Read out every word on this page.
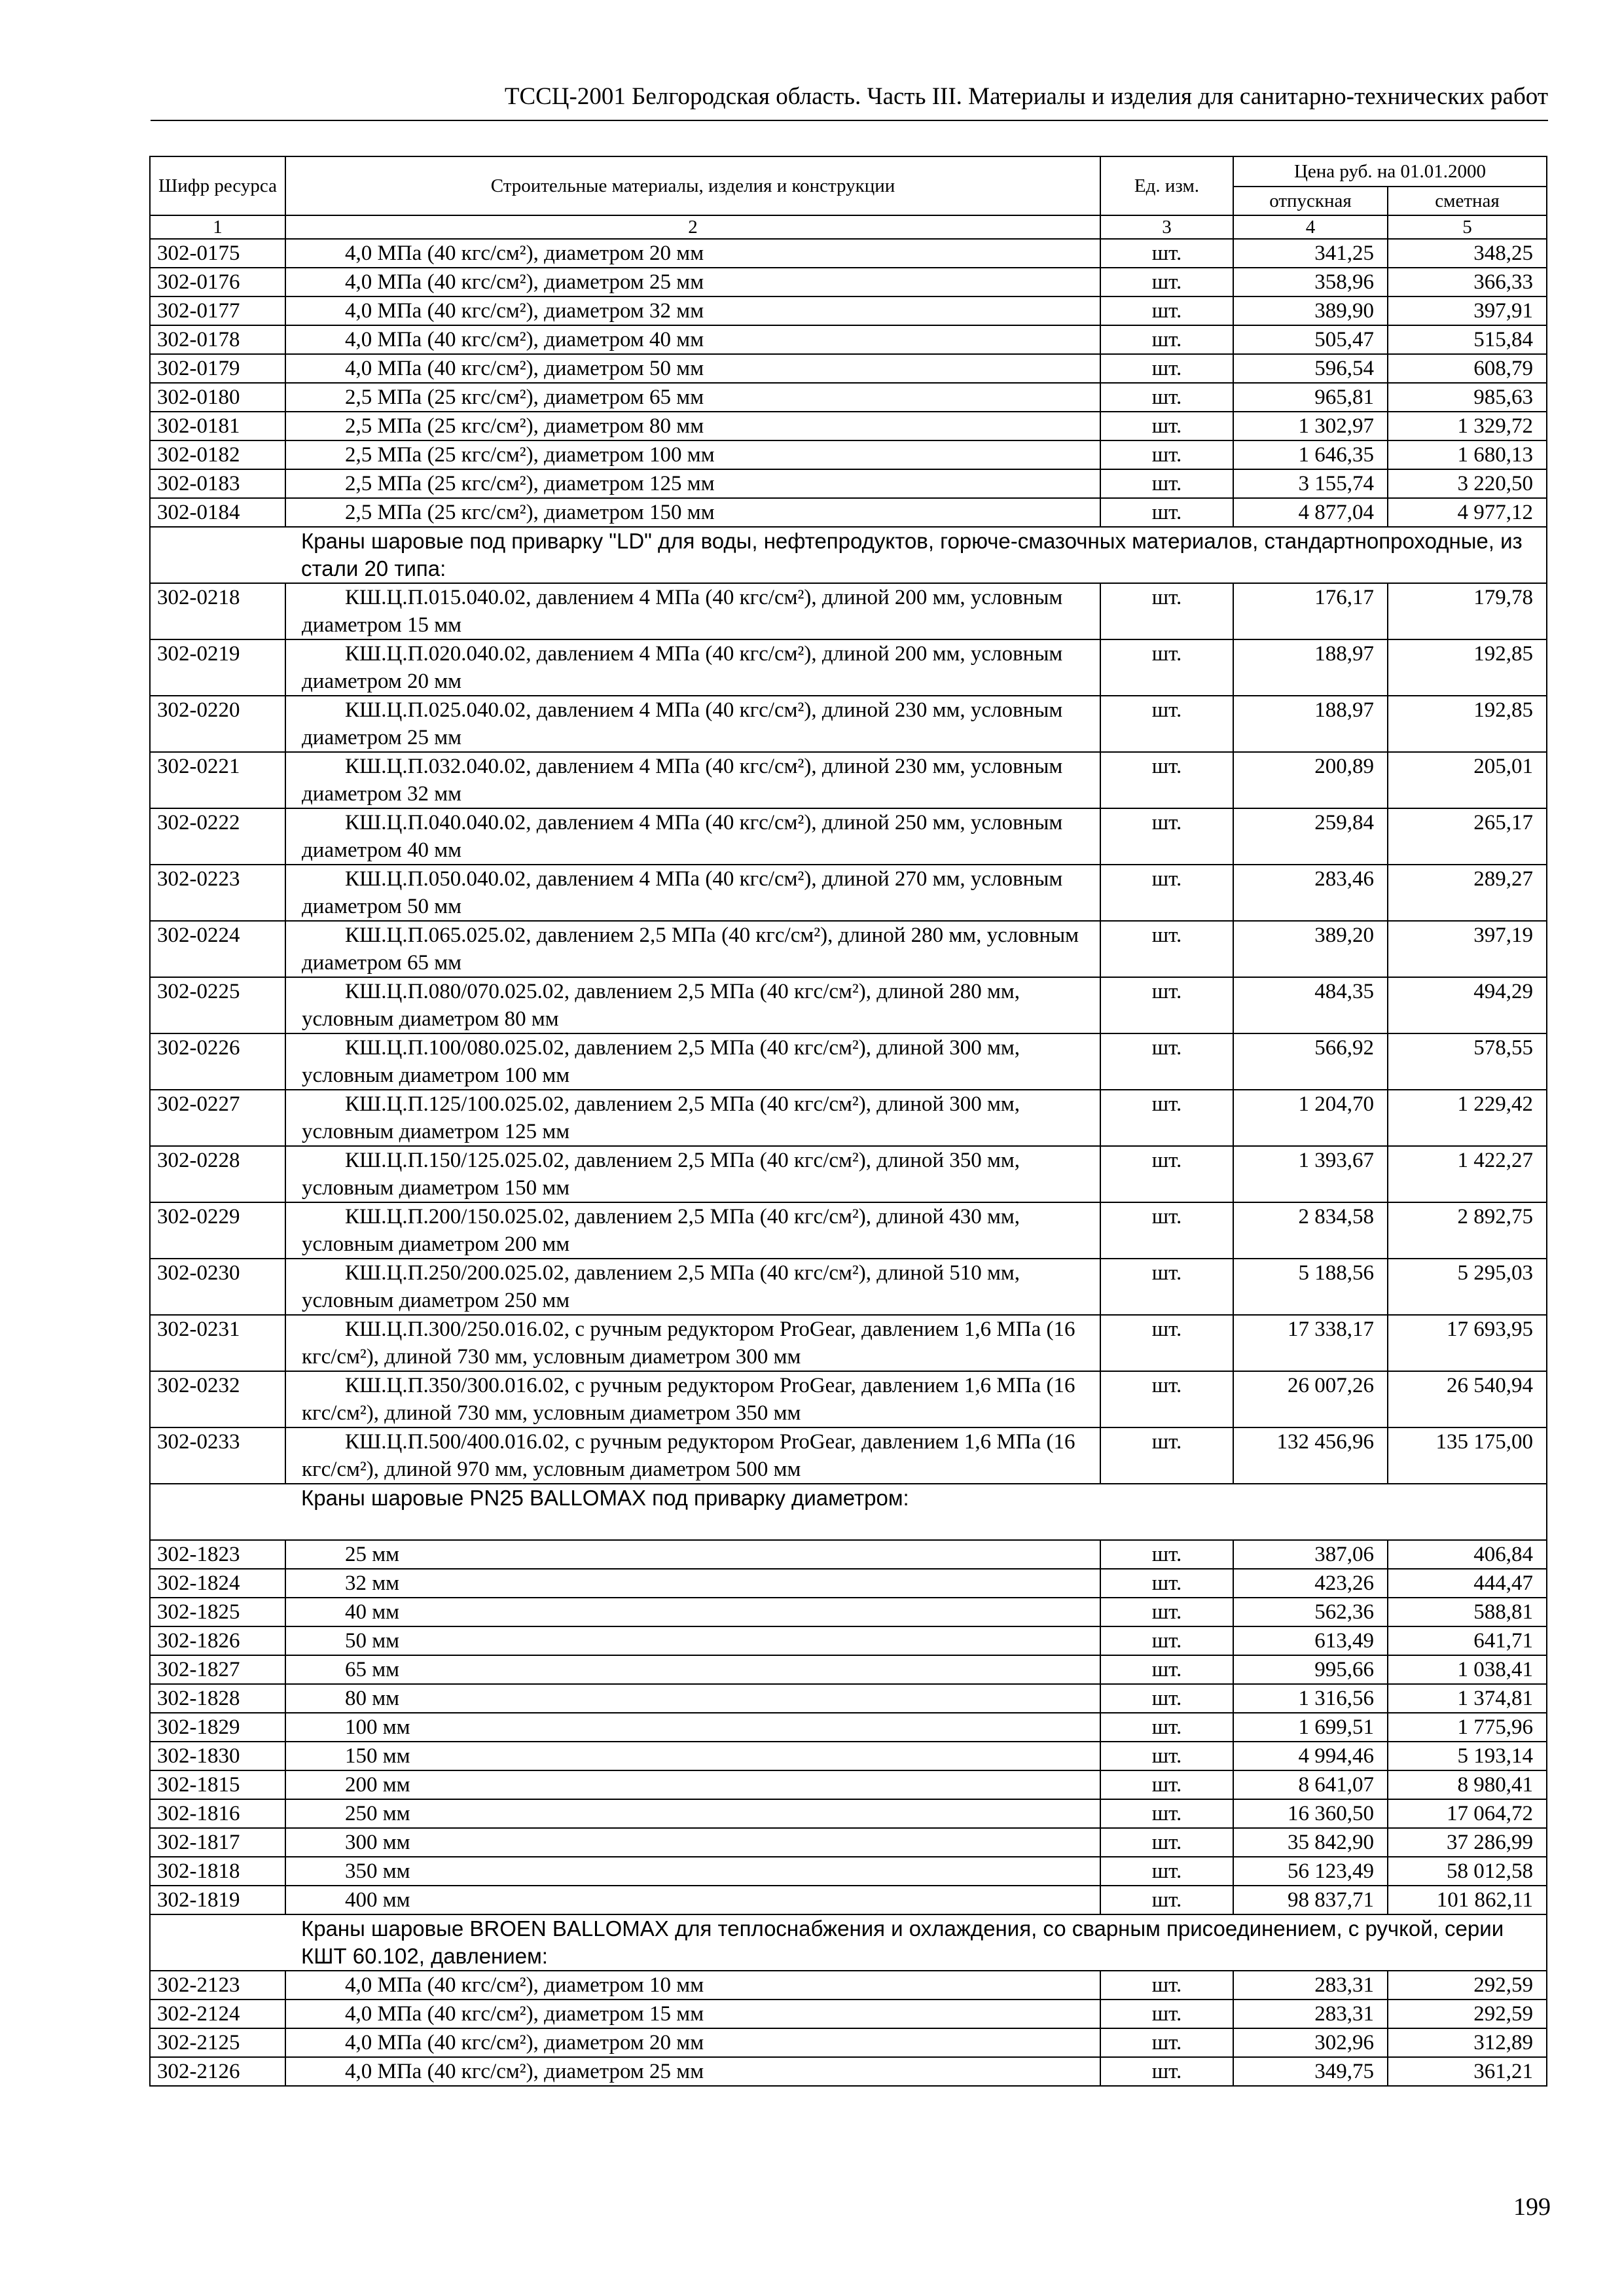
ТССЦ-2001 Белгородская область. Часть III. Материалы и изделия для санитарно-технических работ
Шифр ресурса	Строительные материалы, изделия и конструкции	Ед. изм.	Цена руб. на 01.01.2000	
			отпускная	сметная
1	2	3	4	5
302-0175	4,0 МПа (40 кгс/см²), диаметром 20 мм	шт.	341,25	348,25
302-0176	4,0 МПа (40 кгс/см²), диаметром 25 мм	шт.	358,96	366,33
302-0177	4,0 МПа (40 кгс/см²), диаметром 32 мм	шт.	389,90	397,91
302-0178	4,0 МПа (40 кгс/см²), диаметром 40 мм	шт.	505,47	515,84
302-0179	4,0 МПа (40 кгс/см²), диаметром 50 мм	шт.	596,54	608,79
302-0180	2,5 МПа (25 кгс/см²), диаметром 65 мм	шт.	965,81	985,63
302-0181	2,5 МПа (25 кгс/см²), диаметром 80 мм	шт.	1 302,97	1 329,72
302-0182	2,5 МПа (25 кгс/см²), диаметром 100 мм	шт.	1 646,35	1 680,13
302-0183	2,5 МПа (25 кгс/см²), диаметром 125 мм	шт.	3 155,74	3 220,50
302-0184	2,5 МПа (25 кгс/см²), диаметром 150 мм	шт.	4 877,04	4 977,12
Краны шаровые под приварку "LD" для воды, нефтепродуктов, горюче-смазочных материалов, стандартнопроходные, из стали 20 типа:				
302-0218	КШ.Ц.П.015.040.02, давлением 4 МПа (40 кгс/см²), длиной 200 мм, условным диаметром 15 мм	шт.	176,17	179,78
302-0219	КШ.Ц.П.020.040.02, давлением 4 МПа (40 кгс/см²), длиной 200 мм, условным диаметром 20 мм	шт.	188,97	192,85
302-0220	КШ.Ц.П.025.040.02, давлением 4 МПа (40 кгс/см²), длиной 230 мм, условным диаметром 25 мм	шт.	188,97	192,85
302-0221	КШ.Ц.П.032.040.02, давлением 4 МПа (40 кгс/см²), длиной 230 мм, условным диаметром 32 мм	шт.	200,89	205,01
302-0222	КШ.Ц.П.040.040.02, давлением 4 МПа (40 кгс/см²), длиной 250 мм, условным диаметром 40 мм	шт.	259,84	265,17
302-0223	КШ.Ц.П.050.040.02, давлением 4 МПа (40 кгс/см²), длиной 270 мм, условным диаметром 50 мм	шт.	283,46	289,27
302-0224	КШ.Ц.П.065.025.02, давлением 2,5 МПа (40 кгс/см²), длиной 280 мм, условным диаметром 65 мм	шт.	389,20	397,19
302-0225	КШ.Ц.П.080/070.025.02, давлением 2,5 МПа (40 кгс/см²), длиной 280 мм, условным диаметром 80 мм	шт.	484,35	494,29
302-0226	КШ.Ц.П.100/080.025.02, давлением 2,5 МПа (40 кгс/см²), длиной 300 мм, условным диаметром 100 мм	шт.	566,92	578,55
302-0227	КШ.Ц.П.125/100.025.02, давлением 2,5 МПа (40 кгс/см²), длиной 300 мм, условным диаметром 125 мм	шт.	1 204,70	1 229,42
302-0228	КШ.Ц.П.150/125.025.02, давлением 2,5 МПа (40 кгс/см²), длиной 350 мм, условным диаметром 150 мм	шт.	1 393,67	1 422,27
302-0229	КШ.Ц.П.200/150.025.02, давлением 2,5 МПа (40 кгс/см²), длиной 430 мм, условным диаметром 200 мм	шт.	2 834,58	2 892,75
302-0230	КШ.Ц.П.250/200.025.02, давлением 2,5 МПа (40 кгс/см²), длиной 510 мм, условным диаметром 250 мм	шт.	5 188,56	5 295,03
302-0231	КШ.Ц.П.300/250.016.02, с ручным редуктором ProGear, давлением 1,6 МПа (16 кгс/см²), длиной 730 мм, условным диаметром 300 мм	шт.	17 338,17	17 693,95
302-0232	КШ.Ц.П.350/300.016.02, с ручным редуктором ProGear, давлением 1,6 МПа (16 кгс/см²), длиной 730 мм, условным диаметром 350 мм	шт.	26 007,26	26 540,94
302-0233	КШ.Ц.П.500/400.016.02, с ручным редуктором ProGear, давлением 1,6 МПа (16 кгс/см²), длиной 970 мм, условным диаметром 500 мм	шт.	132 456,96	135 175,00
Краны шаровые PN25 BALLOMAX под приварку диаметром:				
302-1823	25 мм	шт.	387,06	406,84
302-1824	32 мм	шт.	423,26	444,47
302-1825	40 мм	шт.	562,36	588,81
302-1826	50 мм	шт.	613,49	641,71
302-1827	65 мм	шт.	995,66	1 038,41
302-1828	80 мм	шт.	1 316,56	1 374,81
302-1829	100 мм	шт.	1 699,51	1 775,96
302-1830	150 мм	шт.	4 994,46	5 193,14
302-1815	200 мм	шт.	8 641,07	8 980,41
302-1816	250 мм	шт.	16 360,50	17 064,72
302-1817	300 мм	шт.	35 842,90	37 286,99
302-1818	350 мм	шт.	56 123,49	58 012,58
302-1819	400 мм	шт.	98 837,71	101 862,11
Краны шаровые BROEN BALLOMAX для теплоснабжения и охлаждения, со сварным присоединением, с ручкой, серии КШТ 60.102, давлением:				
302-2123	4,0 МПа (40 кгс/см²), диаметром 10 мм	шт.	283,31	292,59
302-2124	4,0 МПа (40 кгс/см²), диаметром 15 мм	шт.	283,31	292,59
302-2125	4,0 МПа (40 кгс/см²), диаметром 20 мм	шт.	302,96	312,89
302-2126	4,0 МПа (40 кгс/см²), диаметром 25 мм	шт.	349,75	361,21
199
